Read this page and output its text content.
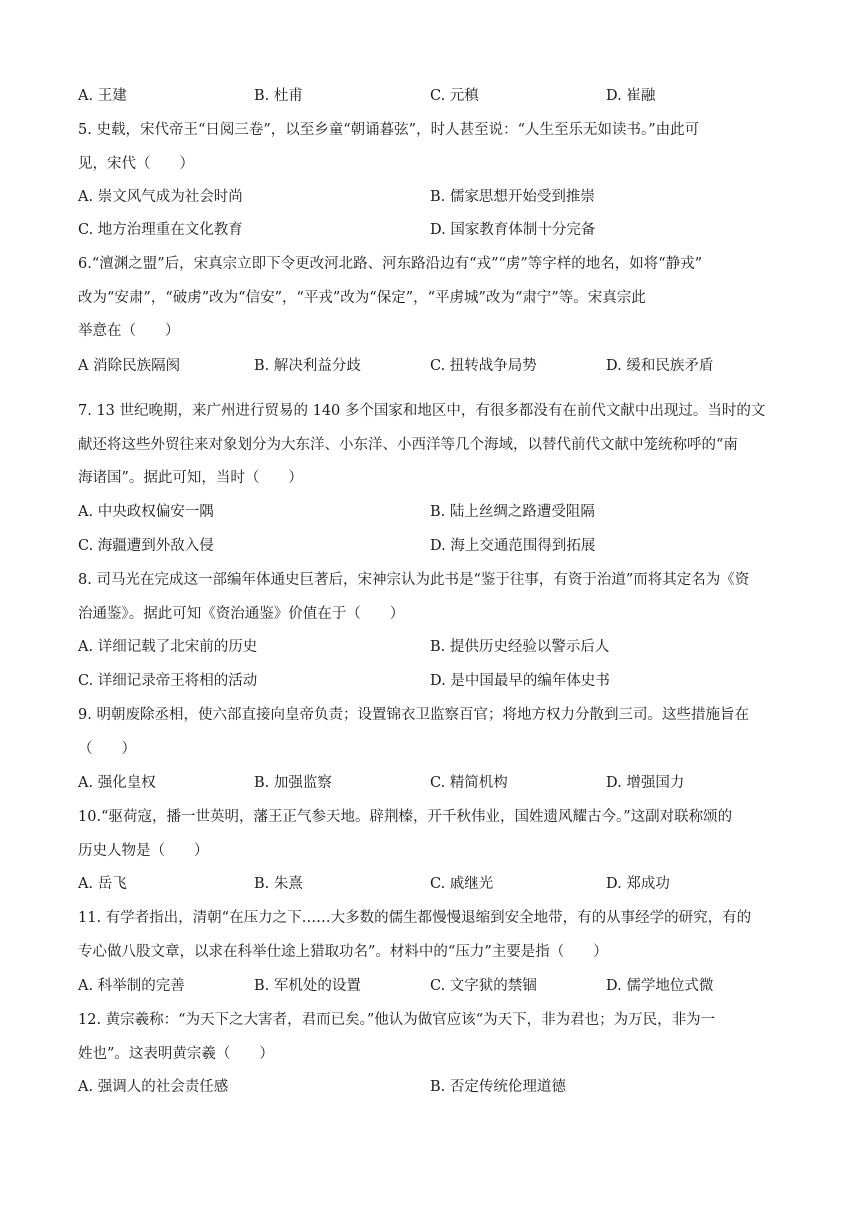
A. 王建	B. 杜甫	C. 元稹	D. 崔融
5. 史载，宋代帝王“日阅三卷”，以至乡童“朝诵暮弦”，时人甚至说：“人生至乐无如读书。”由此可
见，宋代（　　）
A. 崇文风气成为社会时尚	B. 儒家思想开始受到推崇
C. 地方治理重在文化教育	D. 国家教育体制十分完备
6.“澶渊之盟”后，宋真宗立即下令更改河北路、河东路沿边有“戎”“虏”等字样的地名，如将“静戎”
改为“安肃”，“破虏”改为“信安”，“平戎”改为“保定”，“平虏城”改为“肃宁”等。宋真宗此
举意在（　　）
A 消除民族隔阂	B. 解决利益分歧	C. 扭转战争局势	D. 缓和民族矛盾
7. 13 世纪晚期，来广州进行贸易的 140 多个国家和地区中，有很多都没有在前代文献中出现过。当时的文
献还将这些外贸往来对象划分为大东洋、小东洋、小西洋等几个海域，以替代前代文献中笼统称呼的“南
海诸国”。据此可知，当时（　　）
A. 中央政权偏安一隅	B. 陆上丝绸之路遭受阻隔
C. 海疆遭到外敌入侵	D. 海上交通范围得到拓展
8. 司马光在完成这一部编年体通史巨著后，宋神宗认为此书是“鉴于往事，有资于治道”而将其定名为《资
治通鉴》。据此可知《资治通鉴》价值在于（　　）
A. 详细记载了北宋前的历史	B. 提供历史经验以警示后人
C. 详细记录帝王将相的活动	D. 是中国最早的编年体史书
9. 明朝废除丞相，使六部直接向皇帝负责；设置锦衣卫监察百官；将地方权力分散到三司。这些措施旨在
（　　）
A. 强化皇权	B. 加强监察	C. 精简机构	D. 增强国力
10.“驱荷寇，播一世英明，藩王正气参天地。辟荆榛，开千秋伟业，国姓遗风耀古今。”这副对联称颂的
历史人物是（　　）
A. 岳飞	B. 朱熹	C. 戚继光	D. 郑成功
11. 有学者指出，清朝“在压力之下……大多数的儒生都慢慢退缩到安全地带，有的从事经学的研究，有的
专心做八股文章，以求在科举仕途上猎取功名”。材料中的“压力”主要是指（　　）
A. 科举制的完善	B. 军机处的设置	C. 文字狱的禁锢	D. 儒学地位式微
12. 黄宗羲称：“为天下之大害者，君而已矣。”他认为做官应该“为天下，非为君也；为万民，非为一
姓也”。这表明黄宗羲（　　）
A. 强调人的社会责任感	B. 否定传统伦理道德
